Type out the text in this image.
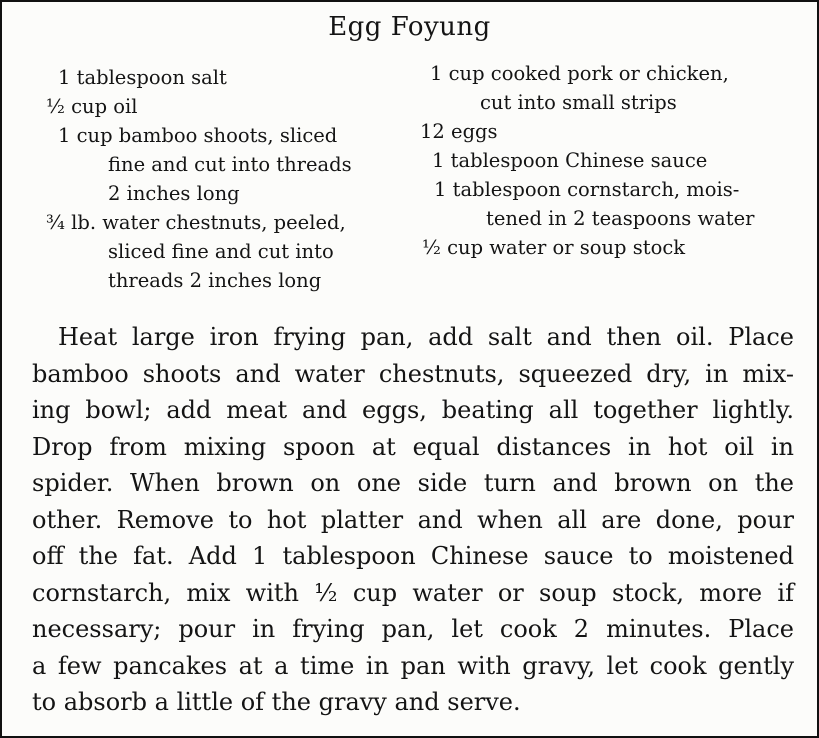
Egg Foyung
1 tablespoon salt
½ cup oil
1 cup bamboo shoots, sliced
fine and cut into threads
2 inches long
¾ lb. water chestnuts, peeled,
sliced fine and cut into
threads 2 inches long
1 cup cooked pork or chicken,
cut into small strips
12 eggs
1 tablespoon Chinese sauce
1 tablespoon cornstarch, mois-
tened in 2 teaspoons water
½ cup water or soup stock
Heat large iron frying pan, add salt and then oil. Place
bamboo shoots and water chestnuts, squeezed dry, in mix-
ing bowl; add meat and eggs, beating all together lightly.
Drop from mixing spoon at equal distances in hot oil in
spider. When brown on one side turn and brown on the
other. Remove to hot platter and when all are done, pour
off the fat. Add 1 tablespoon Chinese sauce to moistened
cornstarch, mix with ½ cup water or soup stock, more if
necessary; pour in frying pan, let cook 2 minutes. Place
a few pancakes at a time in pan with gravy, let cook gently
to absorb a little of the gravy and serve.
